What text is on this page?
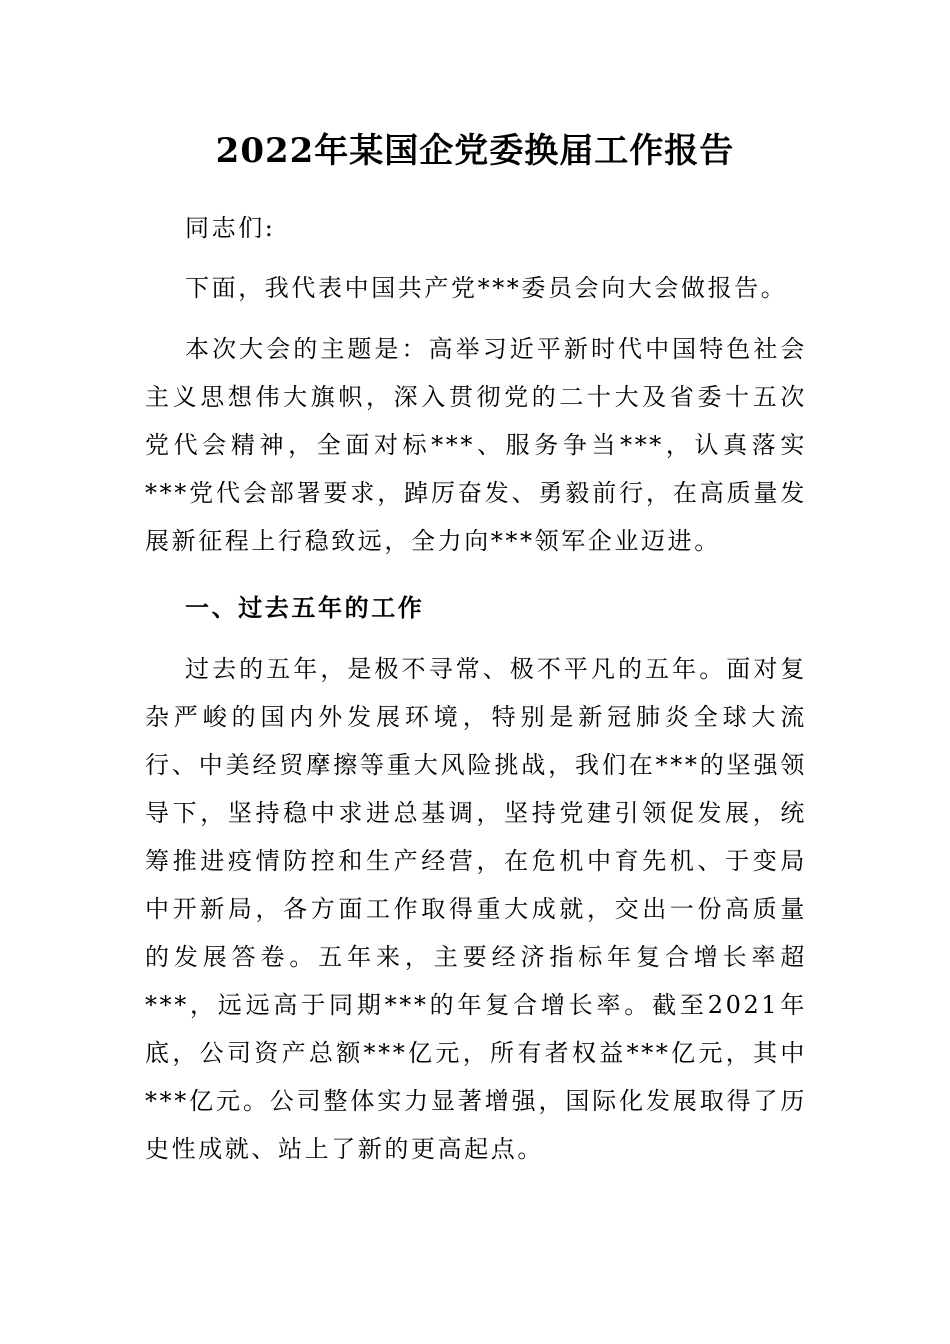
2022年某国企党委换届工作报告

同志们:

下面，我代表中国共产党***委员会向大会做报告。

本次大会的主题是：高举习近平新时代中国特色社会主义思想伟大旗帜，深入贯彻党的二十大及省委十五次党代会精神，全面对标***、服务争当***，认真落实***党代会部署要求，踔厉奋发、勇毅前行，在高质量发展新征程上行稳致远，全力向***领军企业迈进。

一、过去五年的工作

过去的五年，是极不寻常、极不平凡的五年。面对复杂严峻的国内外发展环境，特别是新冠肺炎全球大流行、中美经贸摩擦等重大风险挑战，我们在***的坚强领导下，坚持稳中求进总基调，坚持党建引领促发展，统筹推进疫情防控和生产经营，在危机中育先机、于变局中开新局，各方面工作取得重大成就，交出一份高质量的发展答卷。五年来，主要经济指标年复合增长率超***，远远高于同期***的年复合增长率。截至2021年底，公司资产总额***亿元，所有者权益***亿元，其中***亿元。公司整体实力显著增强，国际化发展取得了历史性成就、站上了新的更高起点。
